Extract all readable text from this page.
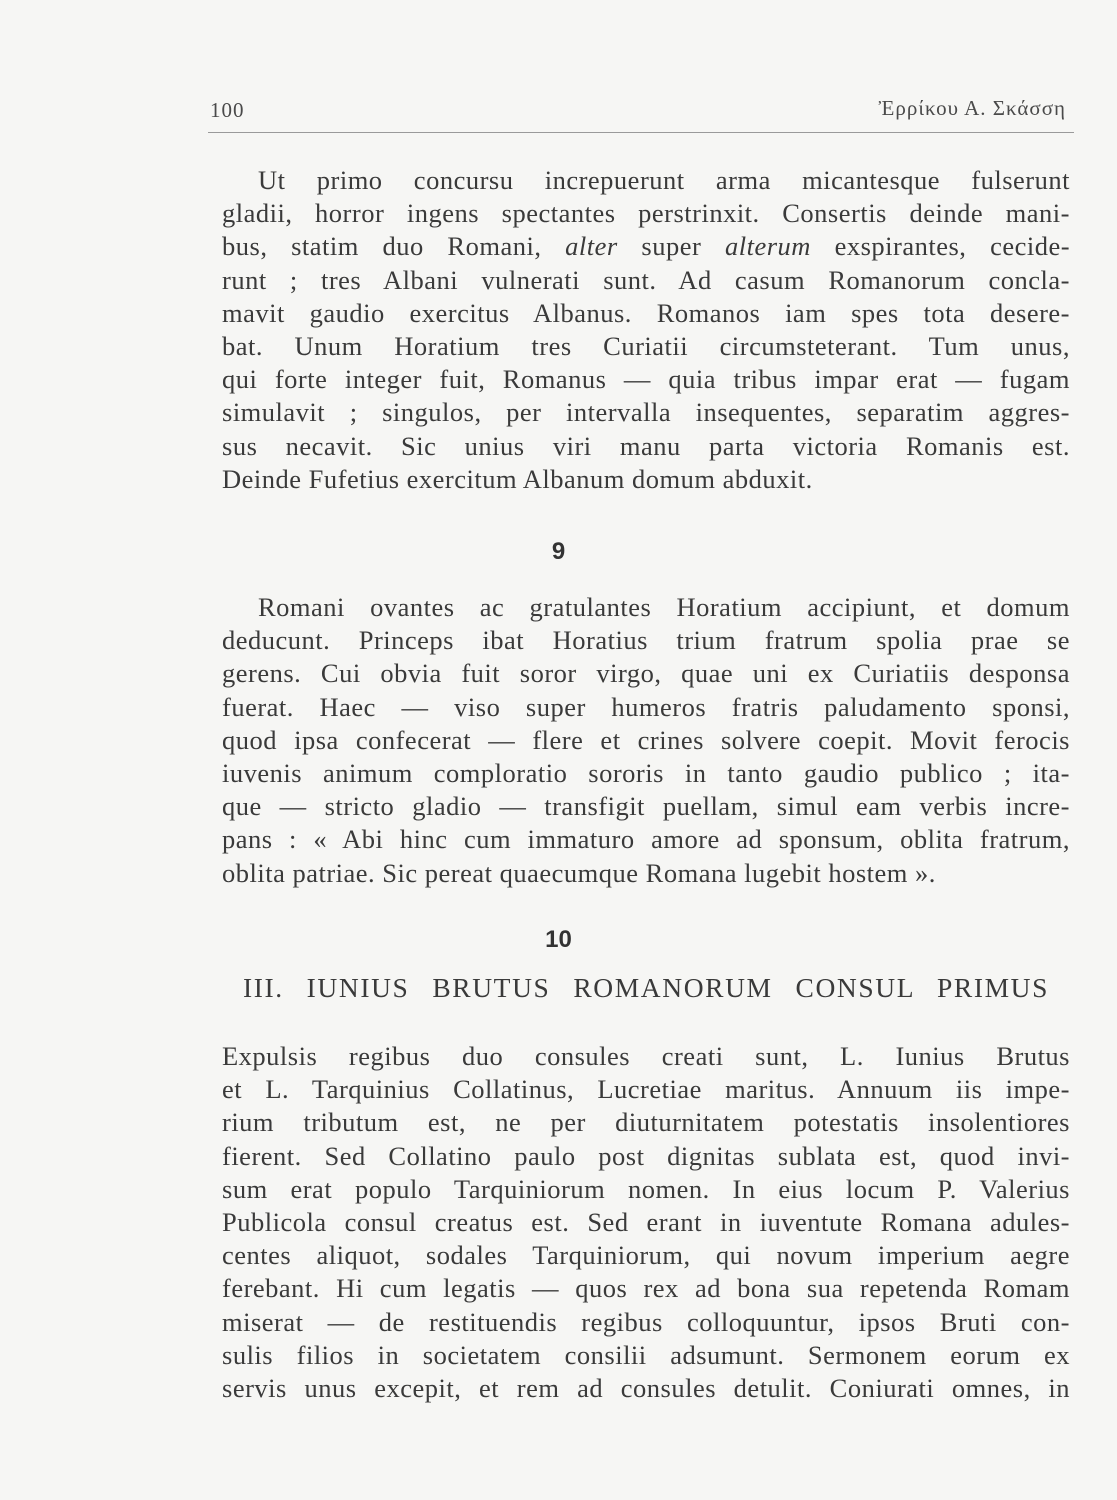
100	Ἐρρίκου Α. Σκάσση
Ut primo concursu increpuerunt arma micantesque fulserunt
gladii, horror ingens spectantes perstrinxit. Consertis deinde mani-
bus, statim duo Romani, alter super alterum exspirantes, cecide-
runt ; tres Albani vulnerati sunt. Ad casum Romanorum concla-
mavit gaudio exercitus Albanus. Romanos iam spes tota desere-
bat. Unum Horatium tres Curiatii circumsteterant. Tum unus,
qui forte integer fuit, Romanus — quia tribus impar erat — fugam
simulavit ; singulos, per intervalla insequentes, separatim aggres-
sus necavit. Sic unius viri manu parta victoria Romanis est.
Deinde Fufetius exercitum Albanum domum abduxit.
9
Romani ovantes ac gratulantes Horatium accipiunt, et domum
deducunt. Princeps ibat Horatius trium fratrum spolia prae se
gerens. Cui obvia fuit soror virgo, quae uni ex Curiatiis desponsa
fuerat. Haec — viso super humeros fratris paludamento sponsi,
quod ipsa confecerat — flere et crines solvere coepit. Movit ferocis
iuvenis animum comploratio sororis in tanto gaudio publico ; ita-
que — stricto gladio — transfigit puellam, simul eam verbis incre-
pans : « Abi hinc cum immaturo amore ad sponsum, oblita fratrum,
oblita patriae. Sic pereat quaecumque Romana lugebit hostem ».
10
III. IUNIUS BRUTUS ROMANORUM CONSUL PRIMUS
Expulsis regibus duo consules creati sunt, L. Iunius Brutus
et L. Tarquinius Collatinus, Lucretiae maritus. Annuum iis impe-
rium tributum est, ne per diuturnitatem potestatis insolentiores
fierent. Sed Collatino paulo post dignitas sublata est, quod invi-
sum erat populo Tarquiniorum nomen. In eius locum P. Valerius
Publicola consul creatus est. Sed erant in iuventute Romana adules-
centes aliquot, sodales Tarquiniorum, qui novum imperium aegre
ferebant. Hi cum legatis — quos rex ad bona sua repetenda Romam
miserat — de restituendis regibus colloquuntur, ipsos Bruti con-
sulis filios in societatem consilii adsumunt. Sermonem eorum ex
servis unus excepit, et rem ad consules detulit. Coniurati omnes, in
